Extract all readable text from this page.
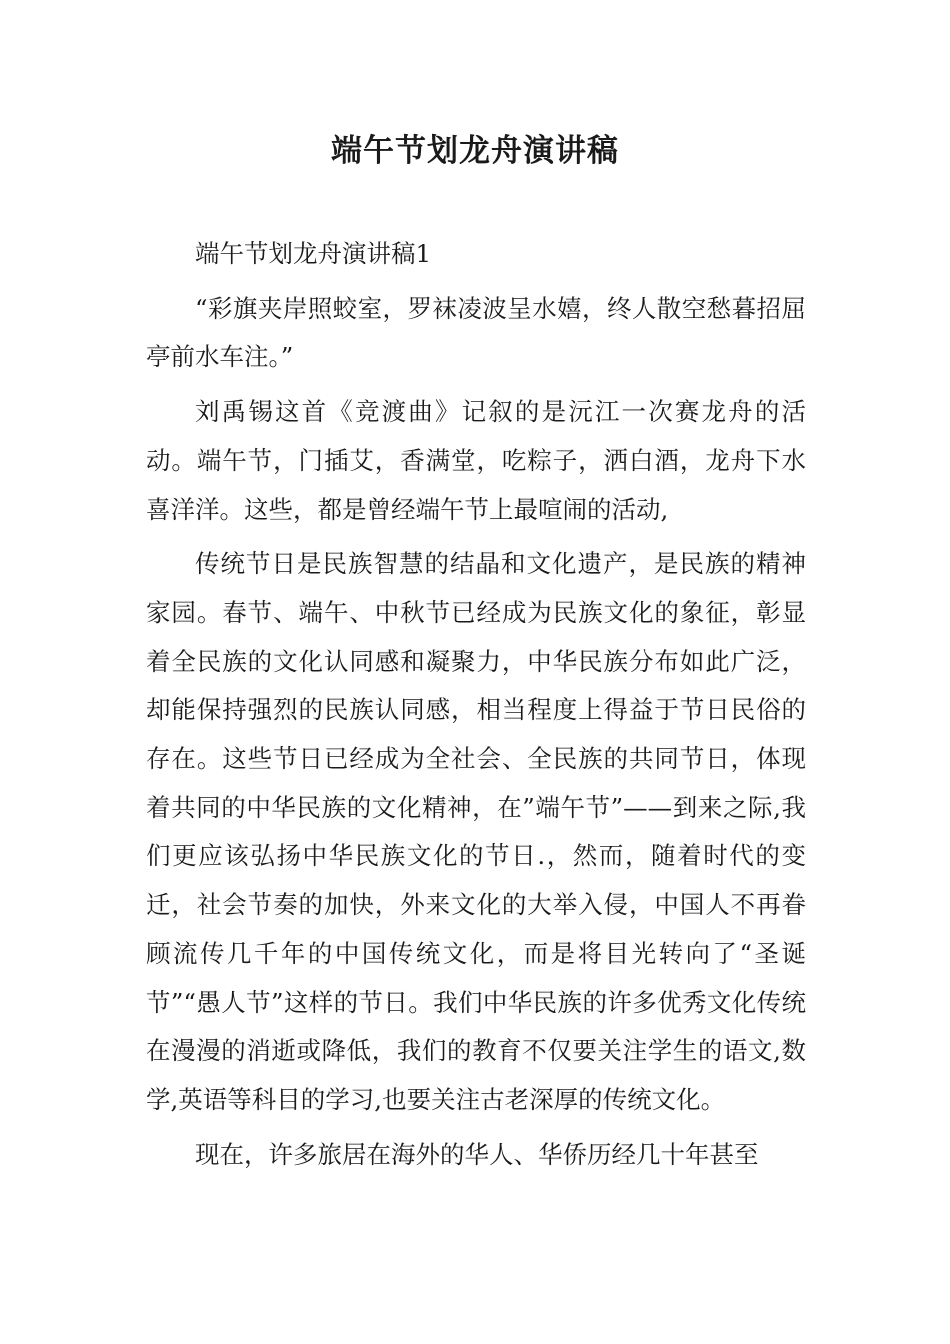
端午节划龙舟演讲稿

端午节划龙舟演讲稿1

“彩旗夹岸照蛟室，罗袜凌波呈水嬉，终人散空愁暮招屈亭前水车注。”

刘禹锡这首《竞渡曲》记叙的是沅江一次赛龙舟的活动。端午节，门插艾，香满堂，吃粽子，洒白酒，龙舟下水喜洋洋。这些，都是曾经端午节上最喧闹的活动,

传统节日是民族智慧的结晶和文化遗产，是民族的精神家园。春节、端午、中秋节已经成为民族文化的象征，彰显着全民族的文化认同感和凝聚力，中华民族分布如此广泛，却能保持强烈的民族认同感，相当程度上得益于节日民俗的存在。这些节日已经成为全社会、全民族的共同节日，体现着共同的中华民族的文化精神，在”端午节”——到来之际,我们更应该弘扬中华民族文化的节日.，然而，随着时代的变迁，社会节奏的加快，外来文化的大举入侵，中国人不再眷顾流传几千年的中国传统文化，而是将目光转向了“圣诞节”“愚人节”这样的节日。我们中华民族的许多优秀文化传统在漫漫的消逝或降低，我们的教育不仅要关注学生的语文,数学,英语等科目的学习,也要关注古老深厚的传统文化。

现在，许多旅居在海外的华人、华侨历经几十年甚至
